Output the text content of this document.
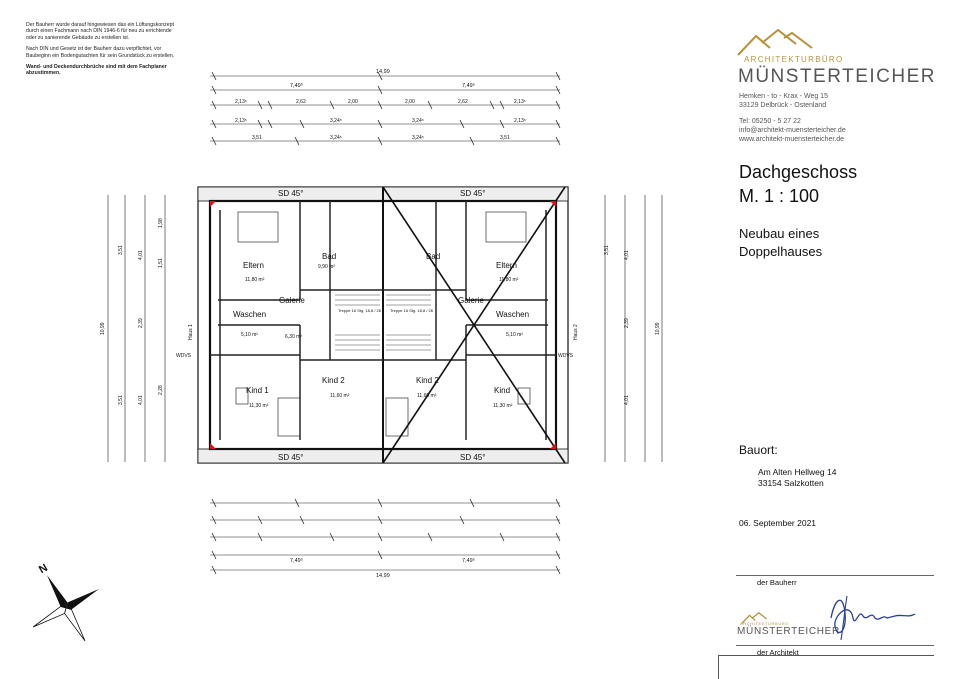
Der Bauherr wurde darauf hingewiesen das ein Lüftungskonzept durch einen Fachmann nach DIN 1946-6 für neu zu errichtende oder zu sanierende Gebäude zu erstellen ist.

Nach DIN und Gesetz ist der Bauherr dazu verpflichtet, vor Baubeginn ein Bodengutachten für sein Grundstück zu erstellen.

Wand- und Deckendurchbrüche sind mit dem Fachplaner abzustimmen.

SD 45°	SD 45°
SD 45°	SD 45°
14,99
7,49⁵	7,49⁵
14,99
7,49⁵	7,49⁵
2,13⁵	2,62	2,00	2,00	2,62	2,13⁵
2,13⁵	3,24⁵	3,24⁵	2,13⁵
3,51	3,24⁵	3,24⁵	3,51
Eltern
11,80 m²
Bad
9,90 m²
Galerie
Waschen
5,10 m²	6,30 m²
Treppe 16 Stg. 18,8 / 26
Kind 1
11,30 m²
Kind 2
11,60 m²
Eltern
11,80 m²
Bad
Galerie
Waschen
5,10 m²
Treppe 16 Stg. 18,8 / 26
Kind
11,30 m²
Kind 2
11,60 m²
WDVS	WDVS
Haus 1	Haus 2
10,99	10,99
3,51
4,01
2,39
4,01
3,51
1,98
1,51
2,28
3,51
4,01
2,39
4,01
N
ARCHITEKTURBÜRO
MÜNSTERTEICHER
Hemken - to - Krax - Weg 15
33129 Delbrück - Ostenland
Tel: 05250 - 5 27 22
info@architekt-muensterteicher.de
www.architekt-muensterteicher.de
Dachgeschoss
M. 1 : 100
Neubau eines
Doppelhauses
Bauort:
Am Alten Hellweg 14
33154 Salzkotten
06. September 2021
der Bauherr
ARCHITEKTURBÜRO
MÜNSTERTEICHER
der Architekt
